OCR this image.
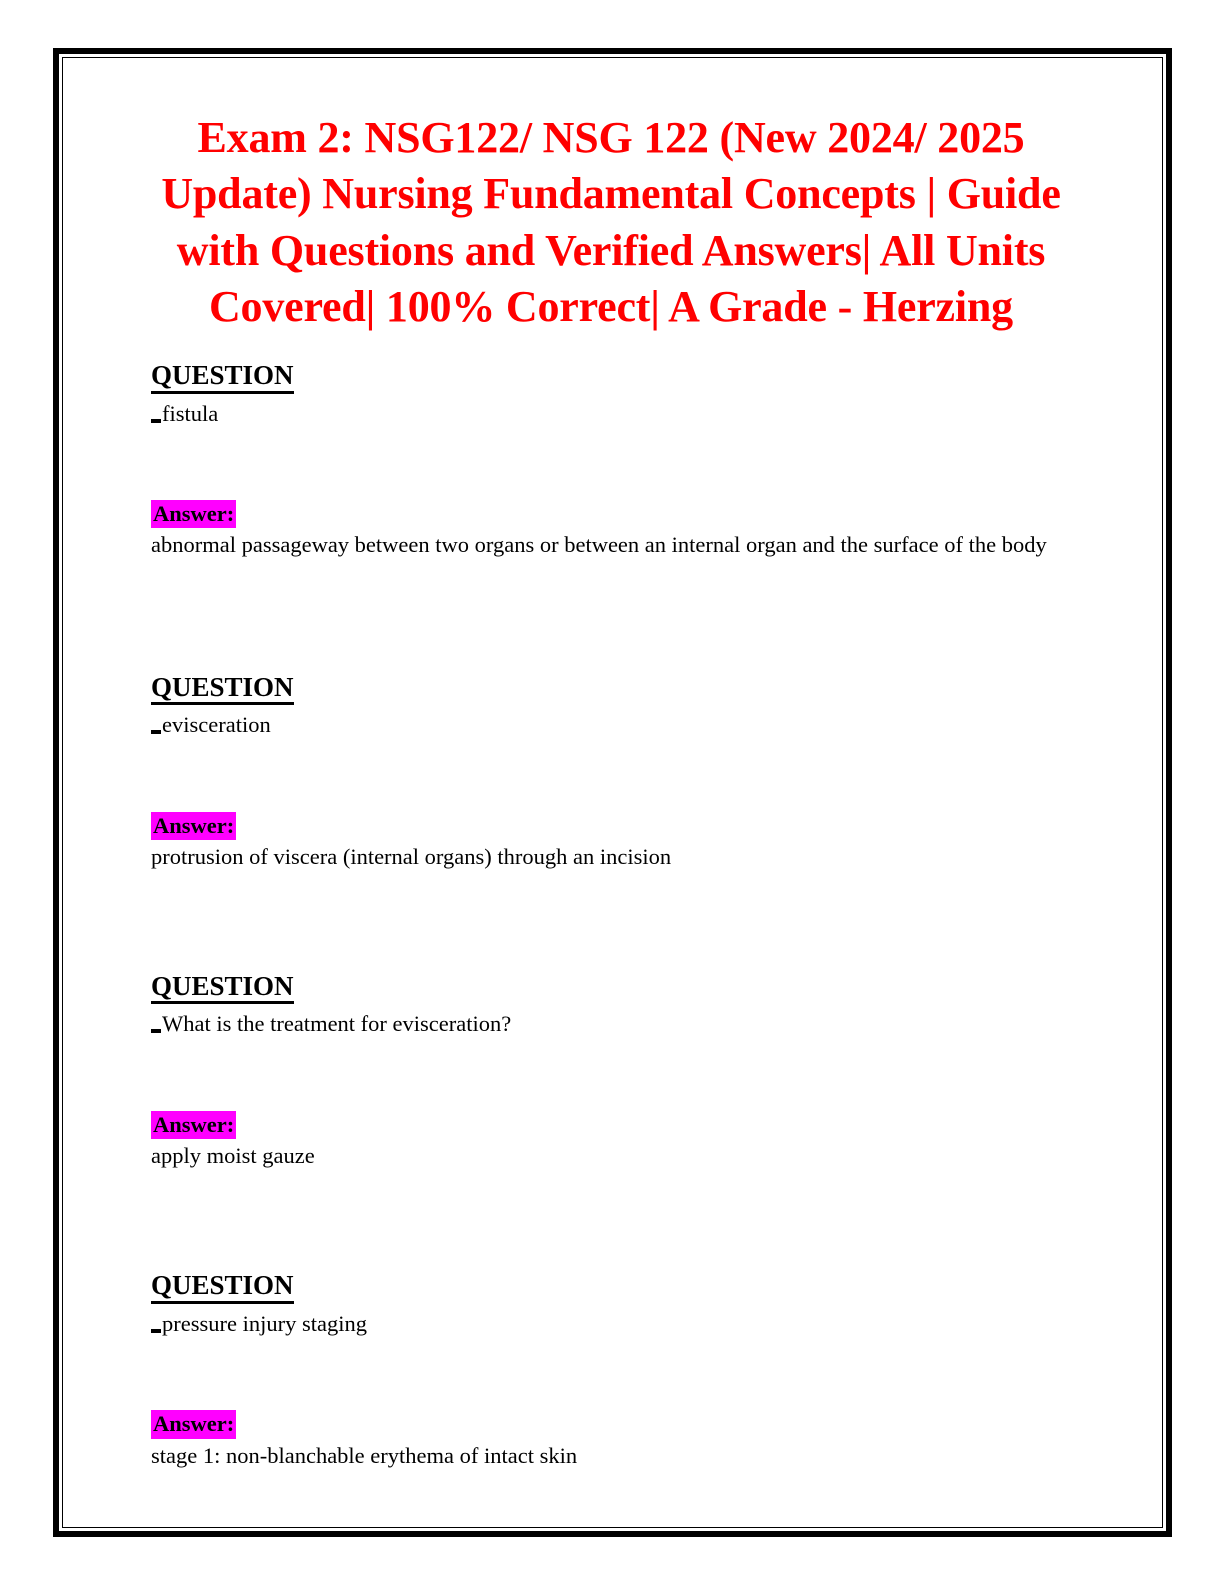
Exam 2: NSG122/ NSG 122 (New 2024/ 2025 Update) Nursing Fundamental Concepts | Guide with Questions and Verified Answers| All Units Covered| 100% Correct| A Grade - Herzing
QUESTION

fistula

Answer:

abnormal passageway between two organs or between an internal organ and the surface of the body

QUESTION

evisceration

Answer:

protrusion of viscera (internal organs) through an incision

QUESTION

What is the treatment for evisceration?

Answer:

apply moist gauze

QUESTION

pressure injury staging

Answer:

stage 1: non-blanchable erythema of intact skin
